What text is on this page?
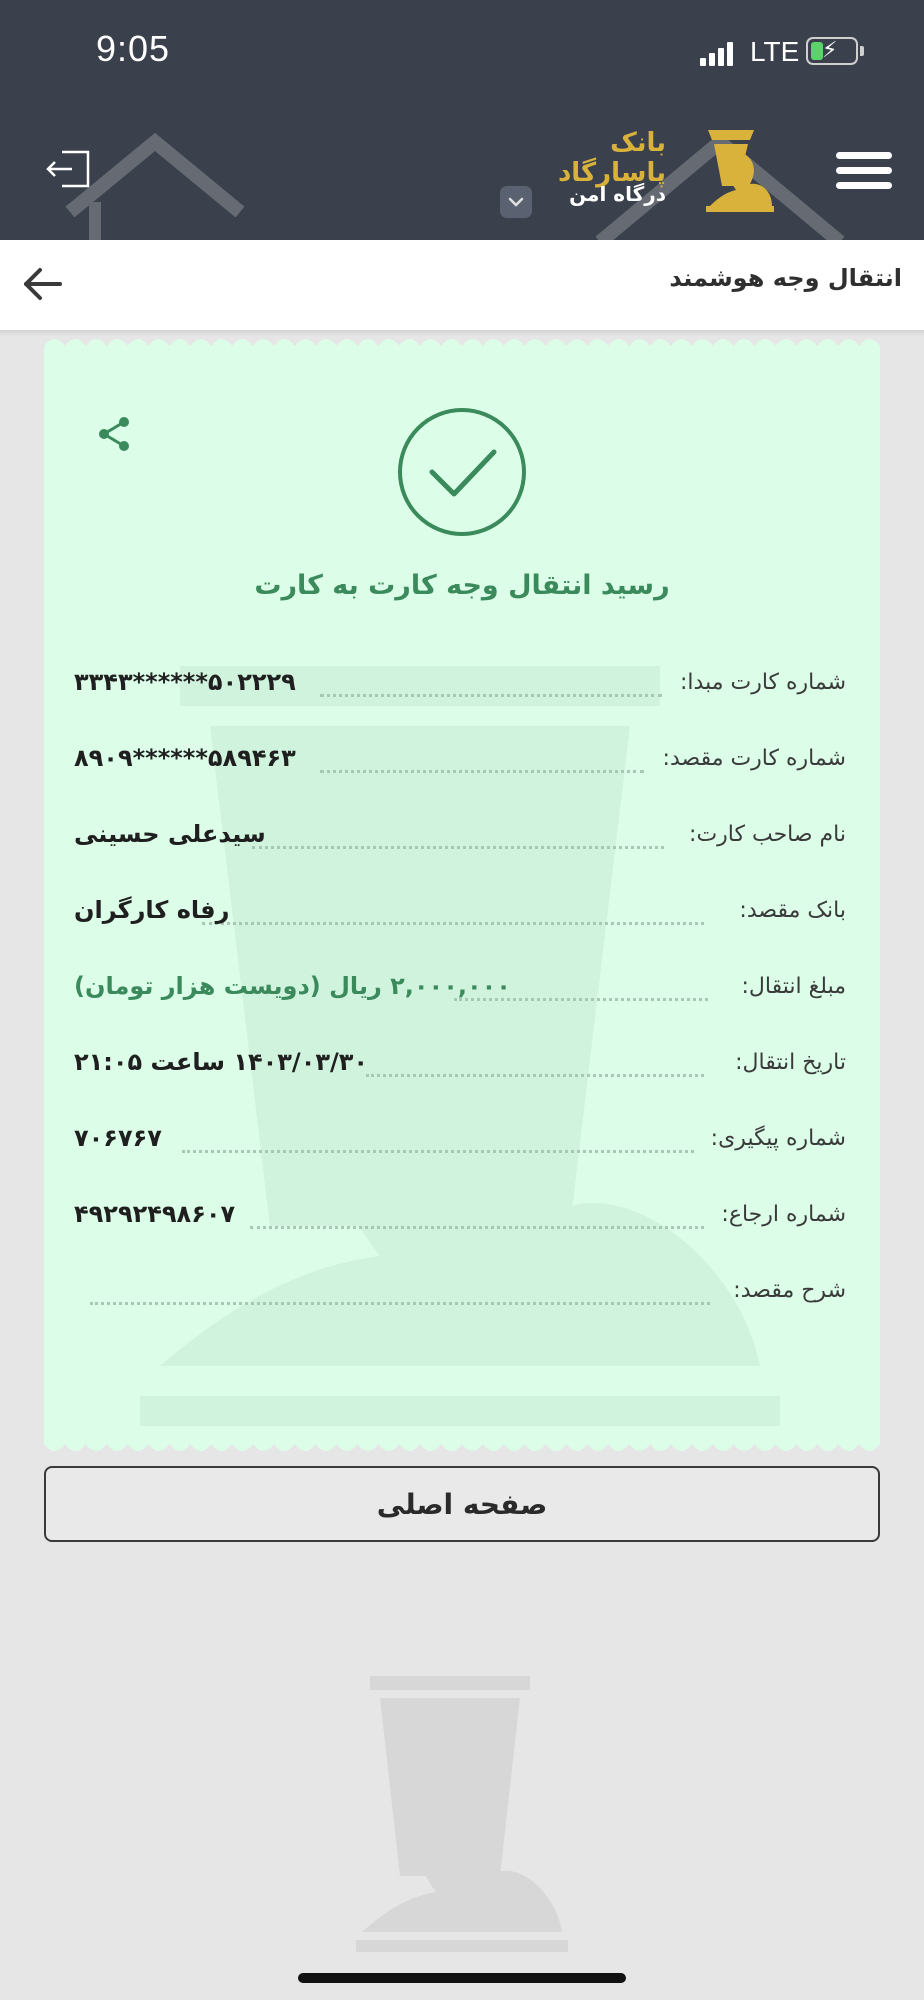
9:05	LTE ⚡
بانک پاسارگاد
درگاه امن
انتقال وجه هوشمند
رسید انتقال وجه کارت به کارت
شماره کارت مبدا:
۵۰۲۲۲۹******۳۳۴۳
شماره کارت مقصد:
۵۸۹۴۶۳******۸۹۰۹
نام صاحب کارت:
سیدعلی حسینی
بانک مقصد:
رفاه کارگران
مبلغ انتقال:
۲,۰۰۰,۰۰۰ ریال (دویست هزار تومان)
تاریخ انتقال:
۱۴۰۳/۰۳/۳۰ ساعت ۲۱:۰۵
شماره پیگیری:
۷۰۶۷۶۷
شماره ارجاع:
۴۹۲۹۲۴۹۸۶۰۷
شرح مقصد:
صفحه اصلی
